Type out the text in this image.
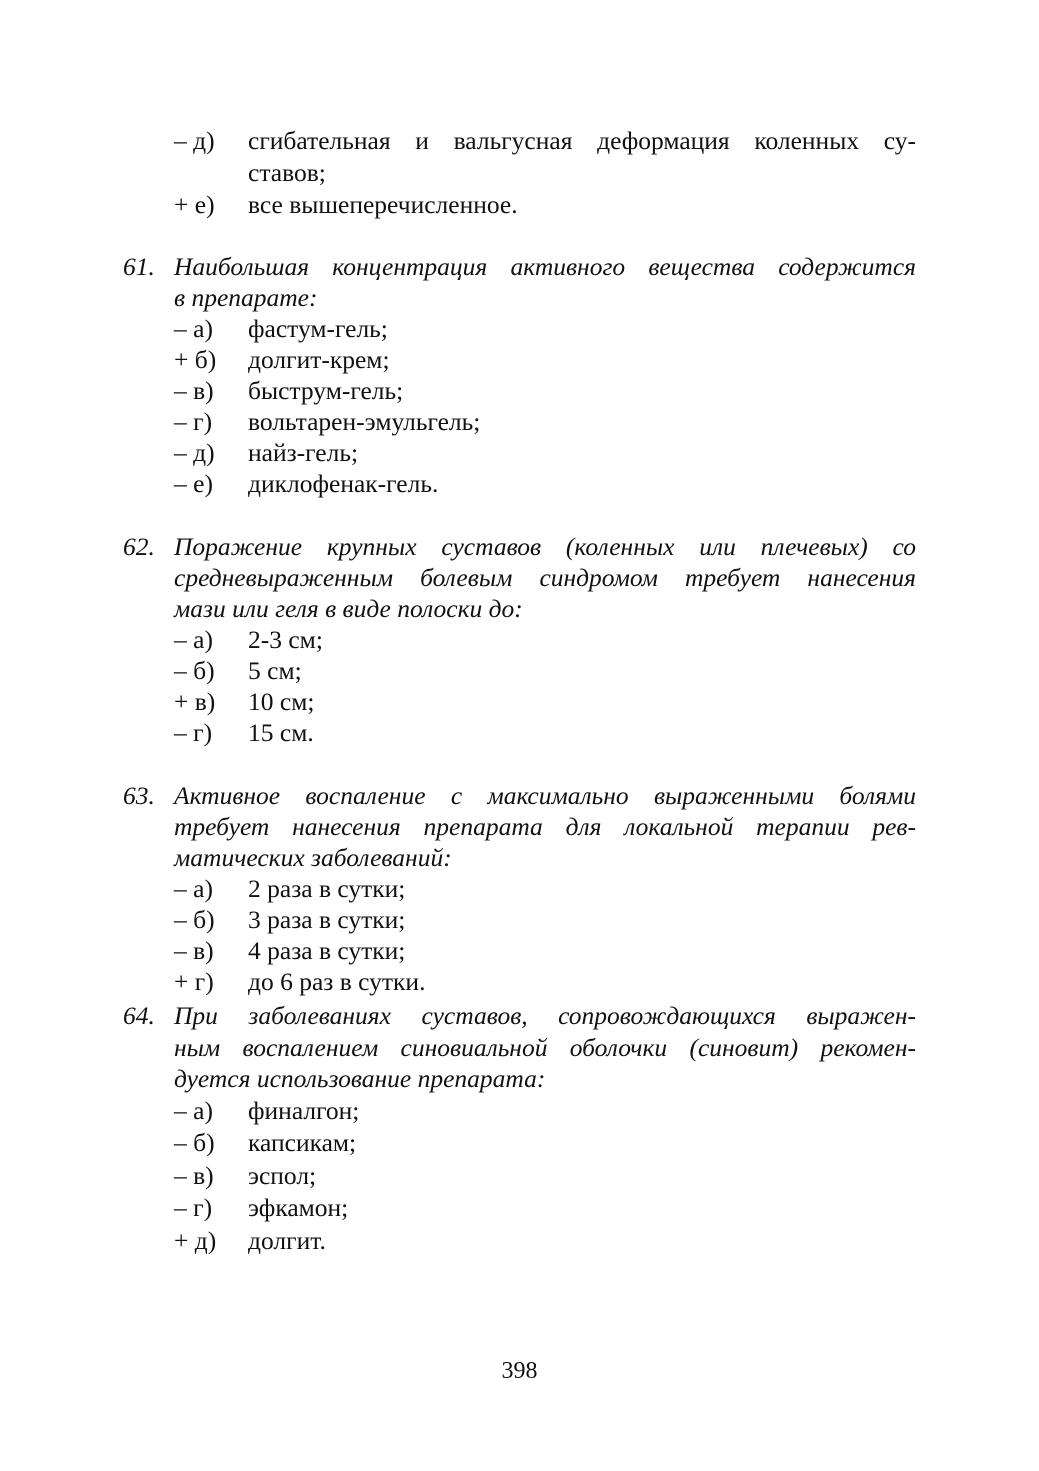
– д)	сгибательная и вальгусная деформация коленных су-
ставов;
+ е)	все вышеперечисленное.
61. Наибольшая концентрация активного вещества содержится
в препарате:
– а)	фастум-гель;
+ б)	долгит-крем;
– в)	быструм-гель;
– г)	вольтарен-эмульгель;
– д)	найз-гель;
– е)	диклофенак-гель.
62. Поражение крупных суставов (коленных или плечевых) со
средневыраженным болевым синдромом требует нанесения
мази или геля в виде полоски до:
– а)	2-3 см;
– б)	5 см;
+ в)	10 см;
– г)	15 см.
63. Активное воспаление с максимально выраженными болями
требует нанесения препарата для локальной терапии рев-
матических заболеваний:
– а)	2 раза в сутки;
– б)	3 раза в сутки;
– в)	4 раза в сутки;
+ г)	до 6 раз в сутки.
64. При заболеваниях суставов, сопровождающихся выражен-
ным воспалением синовиальной оболочки (синовит) рекомен-
дуется использование препарата:
– а)	финалгон;
– б)	капсикам;
– в)	эспол;
– г)	эфкамон;
+ д)	долгит.
398
